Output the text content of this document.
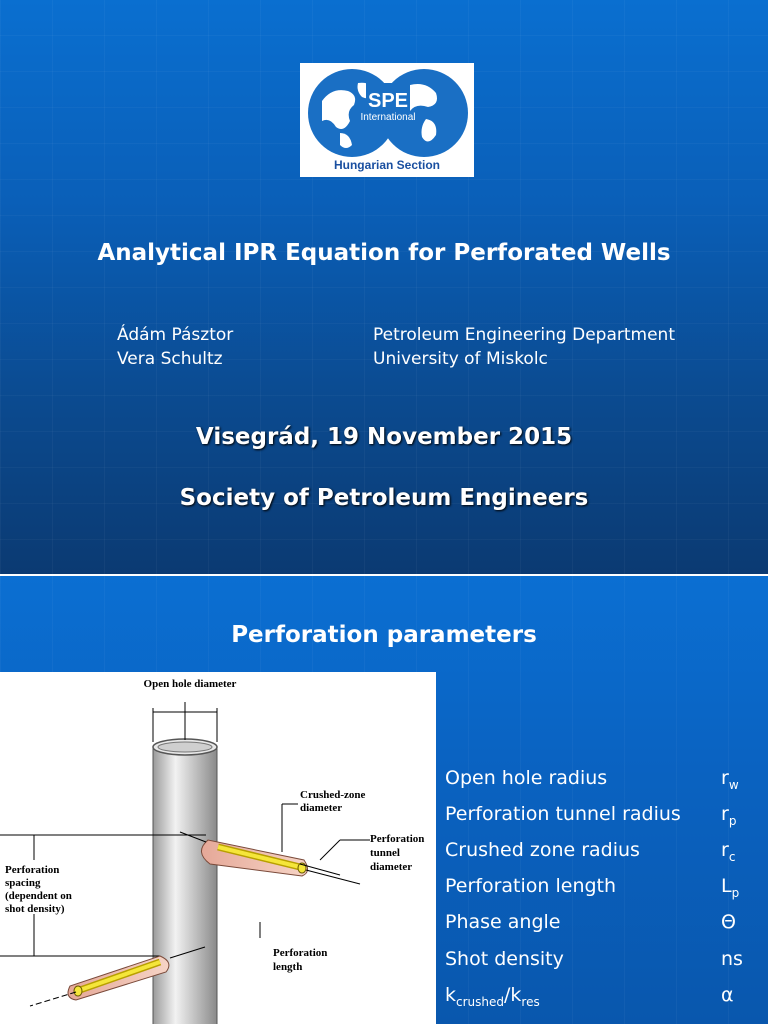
SPE
International
Hungarian Section
Analytical IPR Equation for Perforated Wells
Ádám Pásztor
Vera Schultz
Petroleum Engineering Department
University of Miskolc
Visegrád, 19 November 2015
Society of Petroleum Engineers
Perforation parameters
Open hole diameter
Crushed-zone
diameter
Perforation
tunnel
diameter
Perforation
spacing
(dependent on
shot density)
Perforation
length
Open hole radius	$r_w$
Perforation tunnel radius $r_p$
Crushed zone radius	$r_c$
Perforation length	$L_p$
Phase angle	Θ
Shot density	ns
$k_{crushed}/k_{res}$	α
